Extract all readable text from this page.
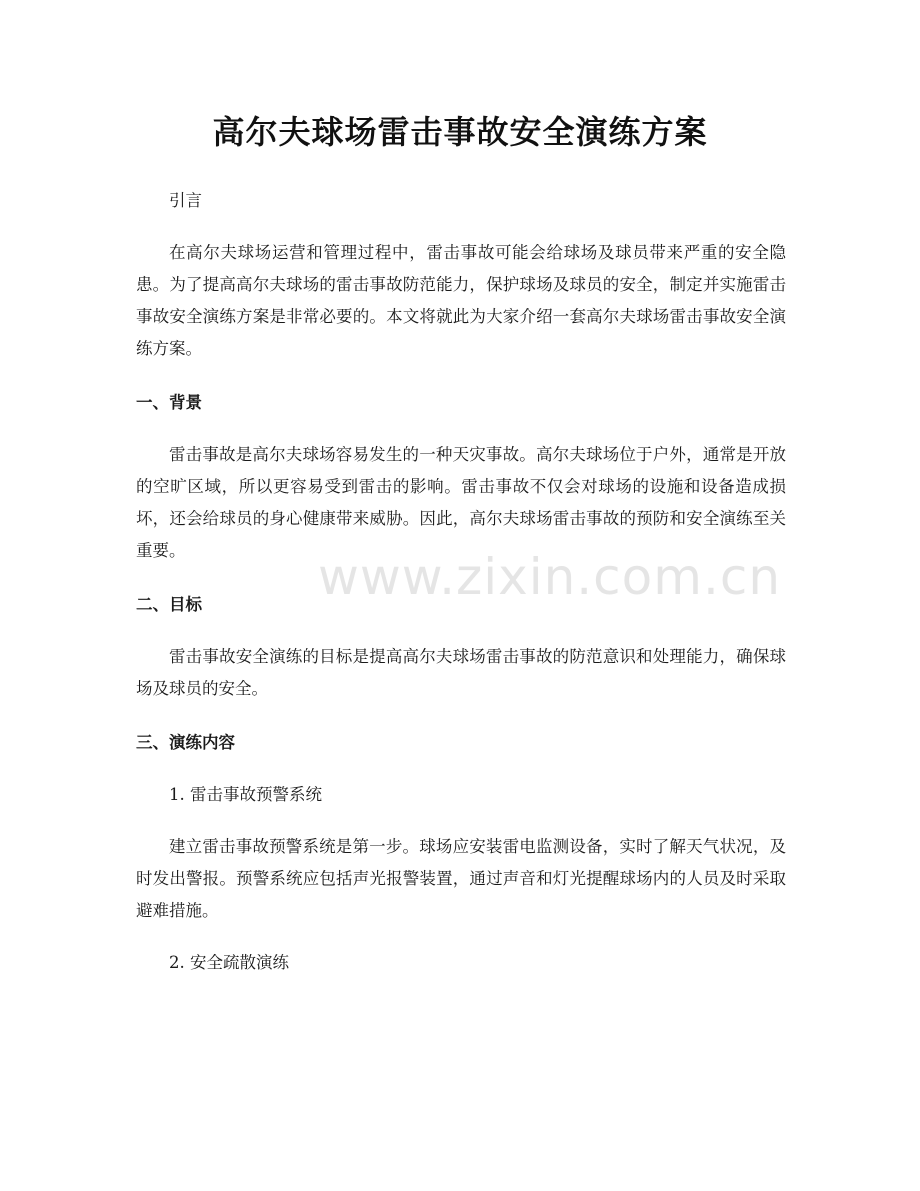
高尔夫球场雷击事故安全演练方案

引言

在高尔夫球场运营和管理过程中，雷击事故可能会给球场及球员带来严重的安全隐患。为了提高高尔夫球场的雷击事故防范能力，保护球场及球员的安全，制定并实施雷击事故安全演练方案是非常必要的。本文将就此为大家介绍一套高尔夫球场雷击事故安全演练方案。

一、背景

雷击事故是高尔夫球场容易发生的一种天灾事故。高尔夫球场位于户外，通常是开放的空旷区域，所以更容易受到雷击的影响。雷击事故不仅会对球场的设施和设备造成损坏，还会给球员的身心健康带来威胁。因此，高尔夫球场雷击事故的预防和安全演练至关重要。

二、目标

雷击事故安全演练的目标是提高高尔夫球场雷击事故的防范意识和处理能力，确保球场及球员的安全。

三、演练内容

1. 雷击事故预警系统

建立雷击事故预警系统是第一步。球场应安装雷电监测设备，实时了解天气状况，及时发出警报。预警系统应包括声光报警装置，通过声音和灯光提醒球场内的人员及时采取避难措施。

2. 安全疏散演练

www.zixin.com.cn
